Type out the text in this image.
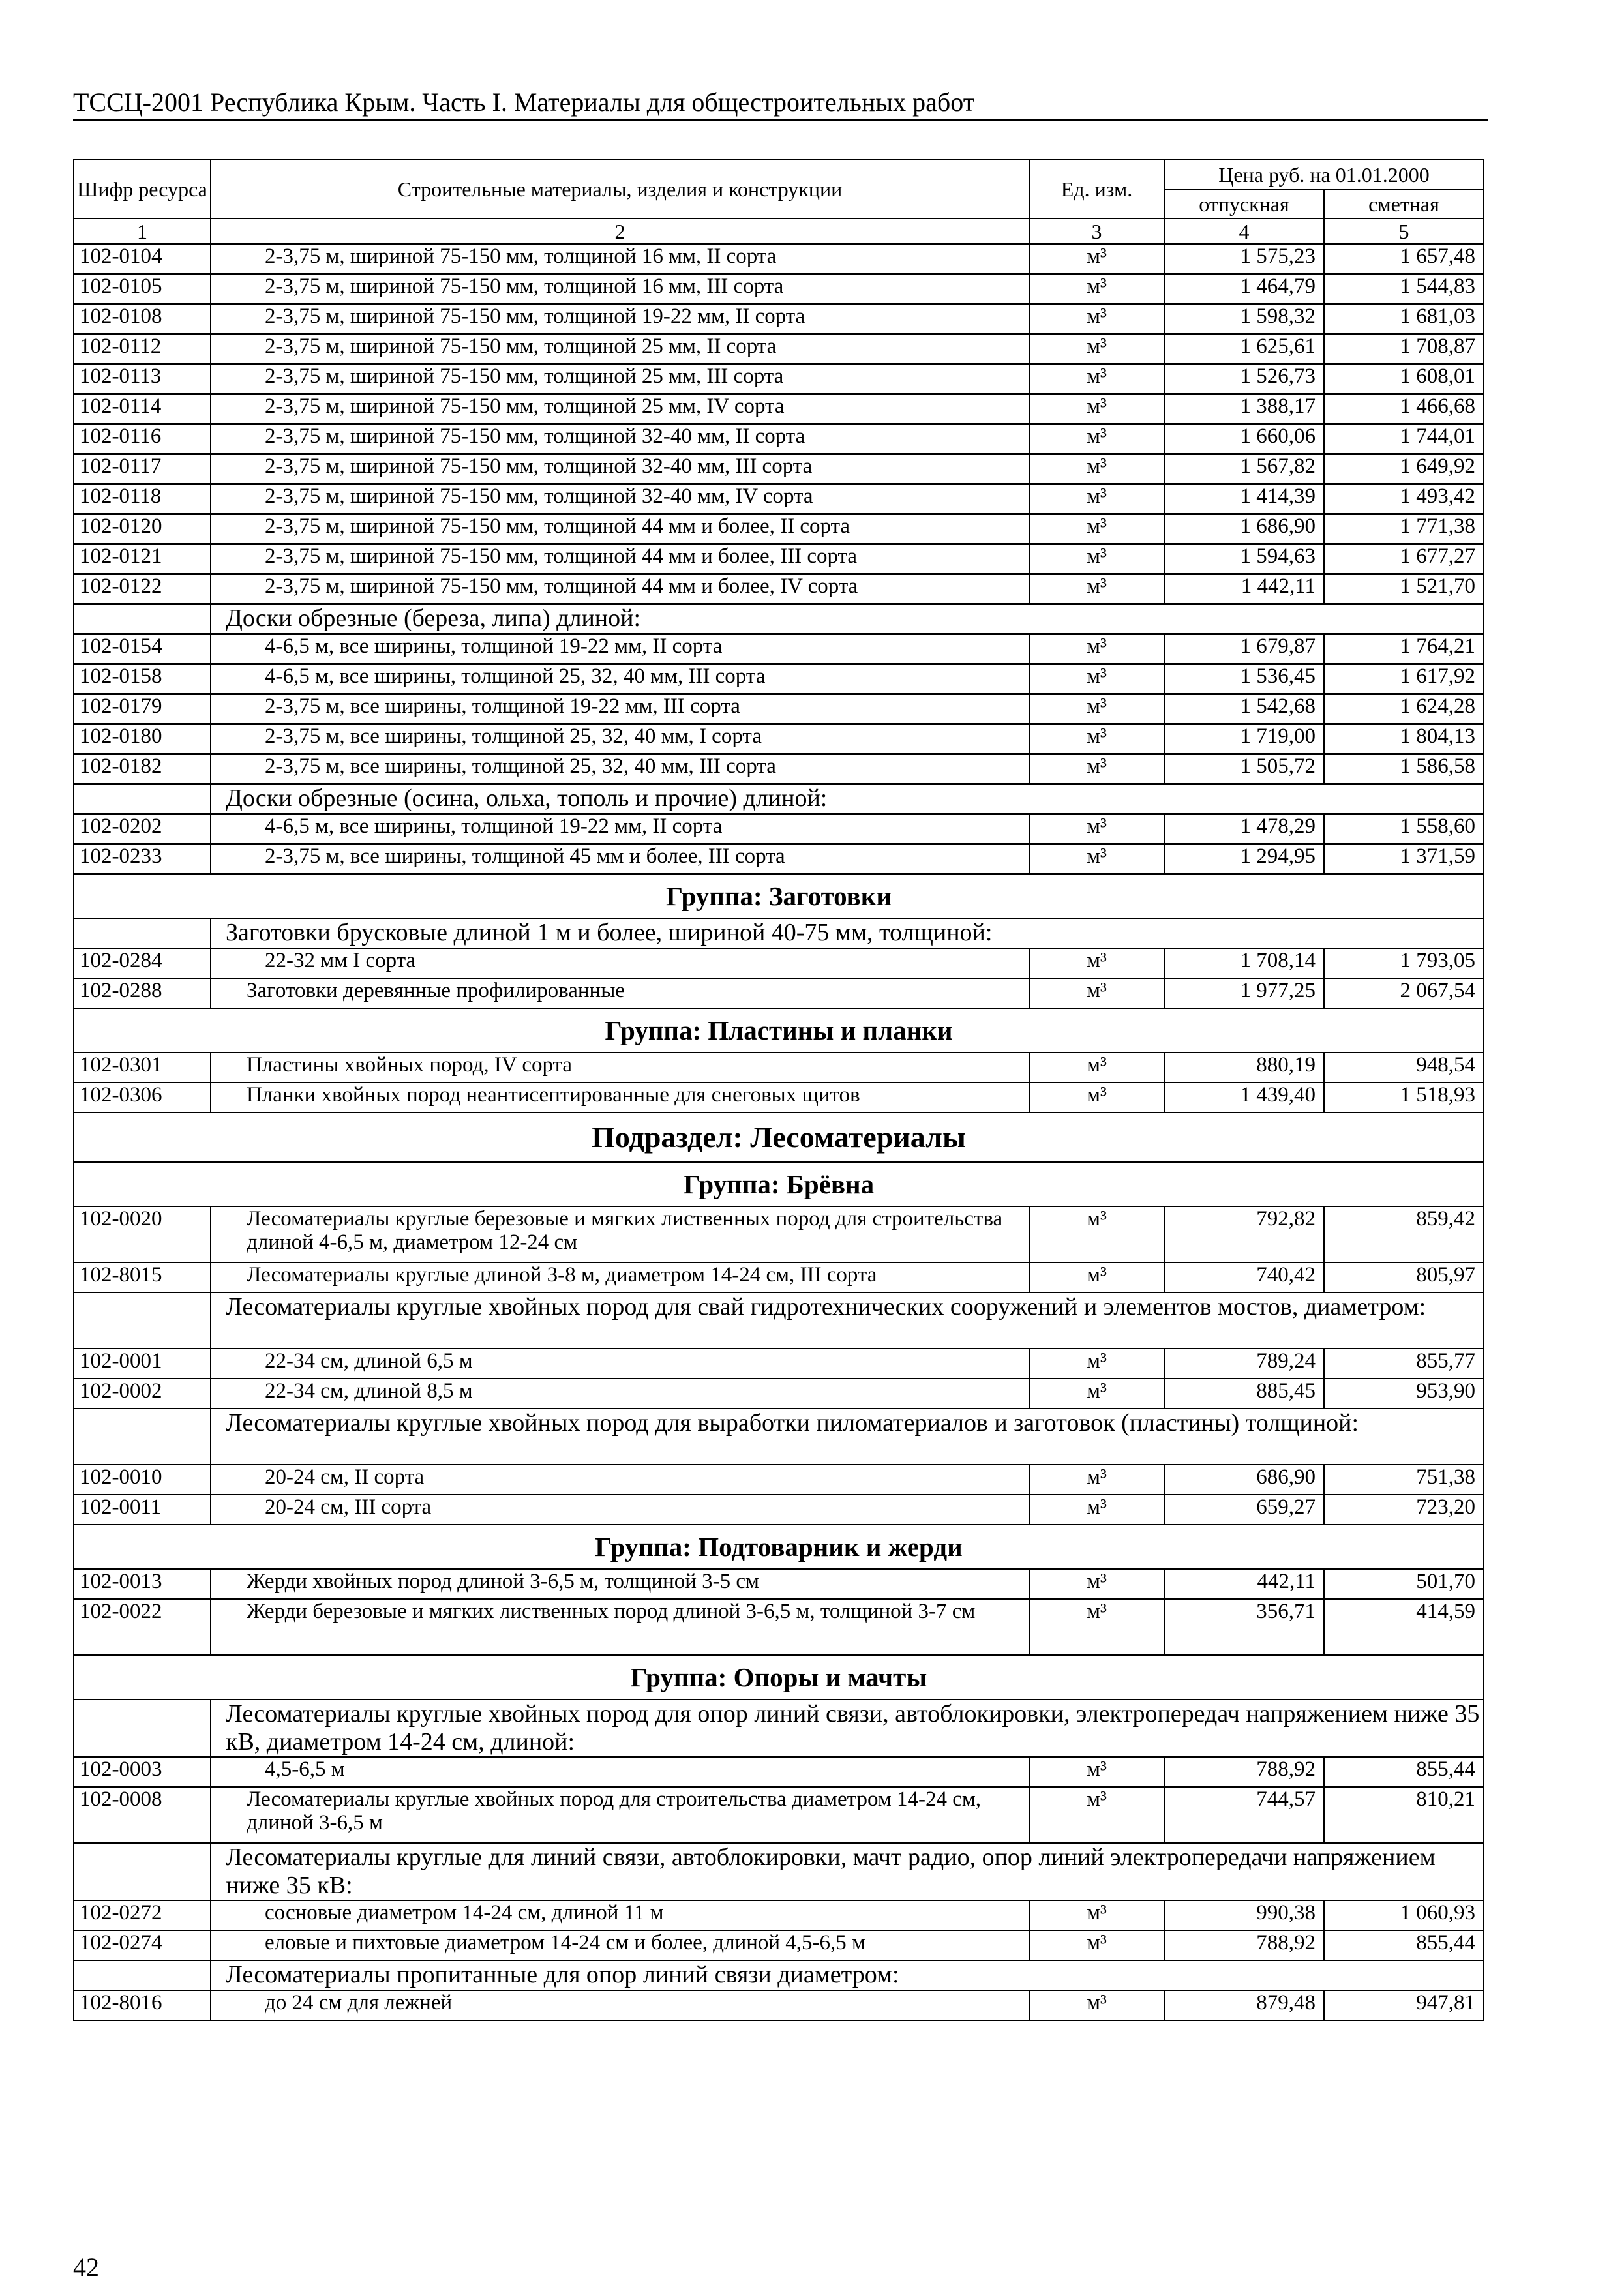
ТССЦ-2001 Республика Крым. Часть I. Материалы для общестроительных работ
Шифр ресурса	Строительные материалы, изделия и конструкции	Ед. изм.	Цена руб. на 01.01.2000	
			отпускная	сметная
1	2	3	4	5
102-0104	2-3,75 м, шириной 75-150 мм, толщиной 16 мм, II сорта	м³	1 575,23	1 657,48
102-0105	2-3,75 м, шириной 75-150 мм, толщиной 16 мм, III сорта	м³	1 464,79	1 544,83
102-0108	2-3,75 м, шириной 75-150 мм, толщиной 19-22 мм, II сорта	м³	1 598,32	1 681,03
102-0112	2-3,75 м, шириной 75-150 мм, толщиной 25 мм, II сорта	м³	1 625,61	1 708,87
102-0113	2-3,75 м, шириной 75-150 мм, толщиной 25 мм, III сорта	м³	1 526,73	1 608,01
102-0114	2-3,75 м, шириной 75-150 мм, толщиной 25 мм, IV сорта	м³	1 388,17	1 466,68
102-0116	2-3,75 м, шириной 75-150 мм, толщиной 32-40 мм, II сорта	м³	1 660,06	1 744,01
102-0117	2-3,75 м, шириной 75-150 мм, толщиной 32-40 мм, III сорта	м³	1 567,82	1 649,92
102-0118	2-3,75 м, шириной 75-150 мм, толщиной 32-40 мм, IV сорта	м³	1 414,39	1 493,42
102-0120	2-3,75 м, шириной 75-150 мм, толщиной 44 мм и более, II сорта	м³	1 686,90	1 771,38
102-0121	2-3,75 м, шириной 75-150 мм, толщиной 44 мм и более, III сорта	м³	1 594,63	1 677,27
102-0122	2-3,75 м, шириной 75-150 мм, толщиной 44 мм и более, IV сорта	м³	1 442,11	1 521,70
	Доски обрезные (береза, липа) длиной:			
102-0154	4-6,5 м, все ширины, толщиной 19-22 мм, II сорта	м³	1 679,87	1 764,21
102-0158	4-6,5 м, все ширины, толщиной 25, 32, 40 мм, III сорта	м³	1 536,45	1 617,92
102-0179	2-3,75 м, все ширины, толщиной 19-22 мм, III сорта	м³	1 542,68	1 624,28
102-0180	2-3,75 м, все ширины, толщиной 25, 32, 40 мм, I сорта	м³	1 719,00	1 804,13
102-0182	2-3,75 м, все ширины, толщиной 25, 32, 40 мм, III сорта	м³	1 505,72	1 586,58
	Доски обрезные (осина, ольха, тополь и прочие) длиной:			
102-0202	4-6,5 м, все ширины, толщиной 19-22 мм, II сорта	м³	1 478,29	1 558,60
102-0233	2-3,75 м, все ширины, толщиной 45 мм и более, III сорта	м³	1 294,95	1 371,59
Группа: Заготовки				
	Заготовки брусковые длиной 1 м и более, шириной 40-75 мм, толщиной:			
102-0284	22-32 мм I сорта	м³	1 708,14	1 793,05
102-0288	Заготовки деревянные профилированные	м³	1 977,25	2 067,54
Группа: Пластины и планки				
102-0301	Пластины хвойных пород, IV сорта	м³	880,19	948,54
102-0306	Планки хвойных пород неантисептированные для снеговых щитов	м³	1 439,40	1 518,93
Подраздел: Лесоматериалы				
Группа: Брёвна				
102-0020	Лесоматериалы круглые березовые и мягких лиственных пород для строительства длиной 4-6,5 м, диаметром 12-24 см	м³	792,82	859,42
102-8015	Лесоматериалы круглые длиной 3-8 м, диаметром 14-24 см, III сорта	м³	740,42	805,97
	Лесоматериалы круглые хвойных пород для свай гидротехнических сооружений и элементов мостов, диаметром:			
102-0001	22-34 см, длиной 6,5 м	м³	789,24	855,77
102-0002	22-34 см, длиной 8,5 м	м³	885,45	953,90
	Лесоматериалы круглые хвойных пород для выработки пиломатериалов и заготовок (пластины) толщиной:			
102-0010	20-24 см, II сорта	м³	686,90	751,38
102-0011	20-24 см, III сорта	м³	659,27	723,20
Группа: Подтоварник и жерди				
102-0013	Жерди хвойных пород длиной 3-6,5 м, толщиной 3-5 см	м³	442,11	501,70
102-0022	Жерди березовые и мягких лиственных пород длиной 3-6,5 м, толщиной 3-7 см	м³	356,71	414,59
Группа: Опоры и мачты				
	Лесоматериалы круглые хвойных пород для опор линий связи, автоблокировки, электропередач напряжением ниже 35 кВ, диаметром 14-24 см, длиной:			
102-0003	4,5-6,5 м	м³	788,92	855,44
102-0008	Лесоматериалы круглые хвойных пород для строительства диаметром 14-24 см, длиной 3-6,5 м	м³	744,57	810,21
	Лесоматериалы круглые для линий связи, автоблокировки, мачт радио, опор линий электропередачи напряжением ниже 35 кВ:			
102-0272	сосновые диаметром 14-24 см, длиной 11 м	м³	990,38	1 060,93
102-0274	еловые и пихтовые диаметром 14-24 см и более, длиной 4,5-6,5 м	м³	788,92	855,44
	Лесоматериалы пропитанные для опор линий связи диаметром:			
102-8016	до 24 см для лежней	м³	879,48	947,81
42
